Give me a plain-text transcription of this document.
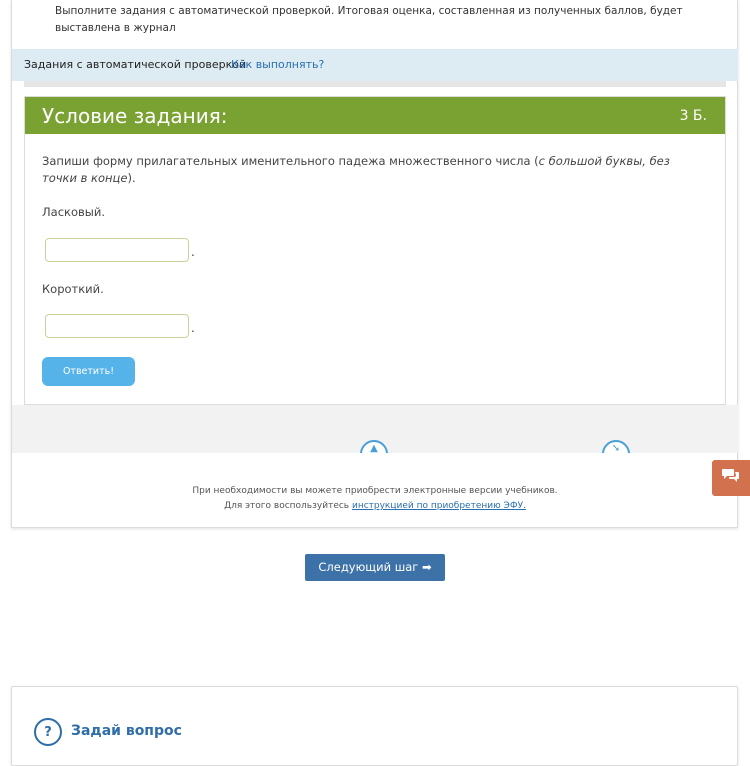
Выполните задания с автоматической проверкой. Итоговая оценка, составленная из полученных баллов, будет выставлена в журнал
Задания с автоматической проверкой
Как выполнять?
Условие задания:	3 Б.
Запиши форму прилагательных именительного падежа множественного числа (с большой буквы, без точки в конце).
Ласковый.
.
Короткий.
.
Ответить!
▲	➘
При необходимости вы можете приобрести электронные версии учебников.
Для этого воспользуйтесь инструкцией по приобретению ЭФУ.
Следующий шаг ➡
?	Задай вопрос
